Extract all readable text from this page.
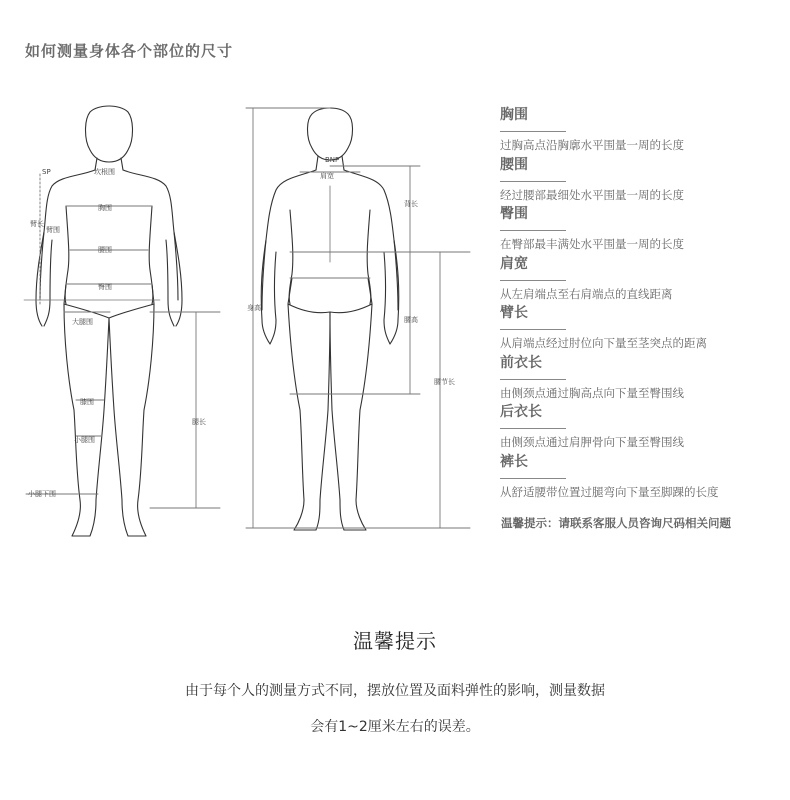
如何测量身体各个部位的尺寸
SP	坎根围
臂长
臂围
胸围
腰围
臀围
大腿围
膝围
小腿围
小腿下围
腿长
BNP
肩宽
背长
身高
腰高
腰节长
胸围
过胸高点沿胸廓水平围量一周的长度
腰围
经过腰部最细处水平围量一周的长度
臀围
在臀部最丰满处水平围量一周的长度
肩宽
从左肩端点至右肩端点的直线距离
臂长
从肩端点经过肘位向下量至茎突点的距离
前衣长
由侧颈点通过胸高点向下量至臀围线
后衣长
由侧颈点通过肩胛骨向下量至臀围线
裤长
从舒适腰带位置过腿弯向下量至脚踝的长度
温馨提示：请联系客服人员咨询尺码相关问题
温馨提示
由于每个人的测量方式不同，摆放位置及面料弹性的影响，测量数据
会有1~2厘米左右的误差。
